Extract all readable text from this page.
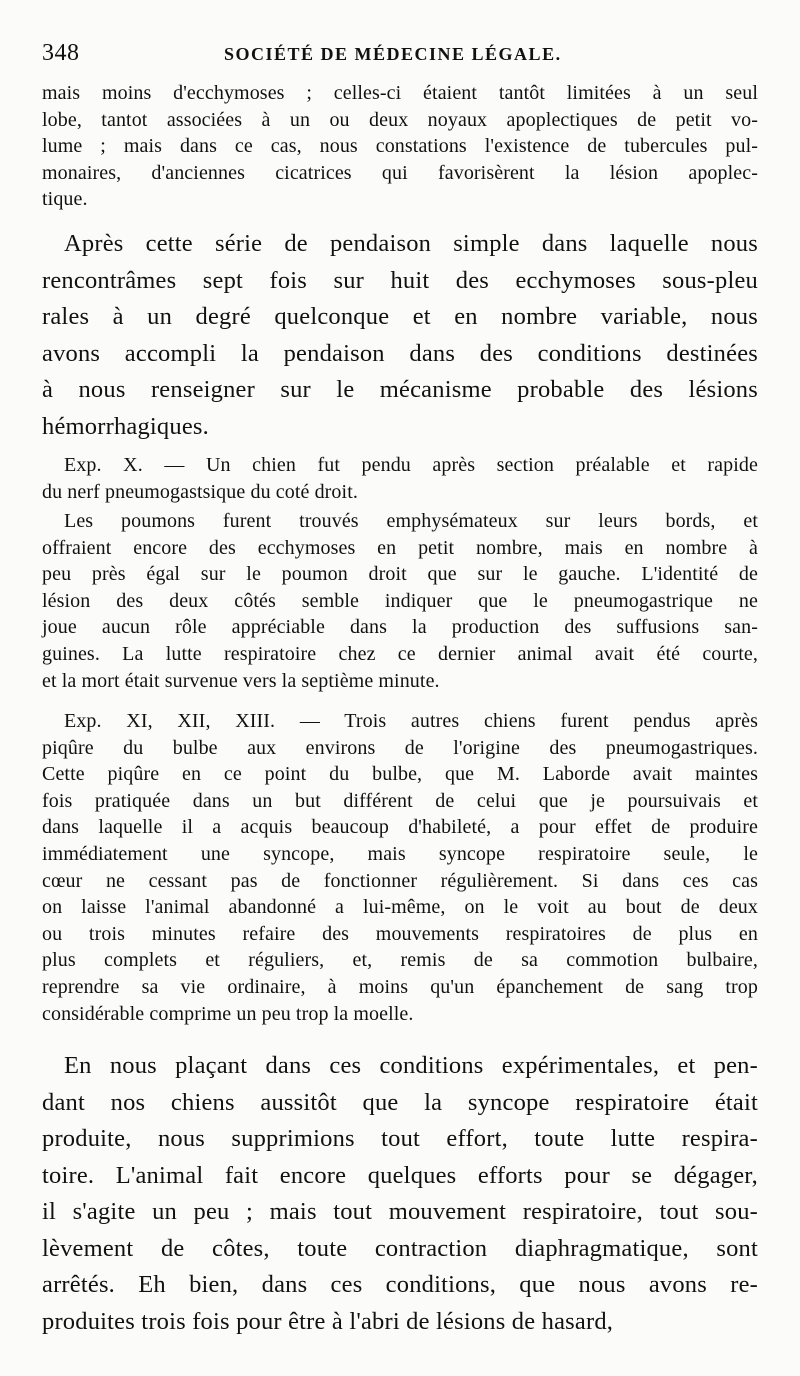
348	SOCIÉTÉ DE MÉDECINE LÉGALE.

mais moins d'ecchymoses ; celles-ci étaient tantôt limitées à un seul

lobe, tantot associées à un ou deux noyaux apoplectiques de petit vo-

lume ; mais dans ce cas, nous constations l'existence de tubercules pul-

monaires, d'anciennes cicatrices qui favorisèrent la lésion apoplec-

tique.

Après cette série de pendaison simple dans laquelle nous

rencontrâmes sept fois sur huit des ecchymoses sous-pleu

rales à un degré quelconque et en nombre variable, nous

avons accompli la pendaison dans des conditions destinées

à nous renseigner sur le mécanisme probable des lésions

hémorrhagiques.

Exp. X. — Un chien fut pendu après section préalable et rapide

du nerf pneumogastsique du coté droit.

Les poumons furent trouvés emphysémateux sur leurs bords, et

offraient encore des ecchymoses en petit nombre, mais en nombre à

peu près égal sur le poumon droit que sur le gauche. L'identité de

lésion des deux côtés semble indiquer que le pneumogastrique ne

joue aucun rôle appréciable dans la production des suffusions san-

guines. La lutte respiratoire chez ce dernier animal avait été courte,

et la mort était survenue vers la septième minute.

Exp. XI, XII, XIII. — Trois autres chiens furent pendus après

piqûre du bulbe aux environs de l'origine des pneumogastriques.

Cette piqûre en ce point du bulbe, que M. Laborde avait maintes

fois pratiquée dans un but différent de celui que je poursuivais et

dans laquelle il a acquis beaucoup d'habileté, a pour effet de produire

immédiatement une syncope, mais syncope respiratoire seule, le

cœur ne cessant pas de fonctionner régulièrement. Si dans ces cas

on laisse l'animal abandonné a lui-même, on le voit au bout de deux

ou trois minutes refaire des mouvements respiratoires de plus en

plus complets et réguliers, et, remis de sa commotion bulbaire,

reprendre sa vie ordinaire, à moins qu'un épanchement de sang trop

considérable comprime un peu trop la moelle.

En nous plaçant dans ces conditions expérimentales, et pen-

dant nos chiens aussitôt que la syncope respiratoire était

produite, nous supprimions tout effort, toute lutte respira-

toire. L'animal fait encore quelques efforts pour se dégager,

il s'agite un peu ; mais tout mouvement respiratoire, tout sou-

lèvement de côtes, toute contraction diaphragmatique, sont

arrêtés. Eh bien, dans ces conditions, que nous avons re-

produites trois fois pour être à l'abri de lésions de hasard,
